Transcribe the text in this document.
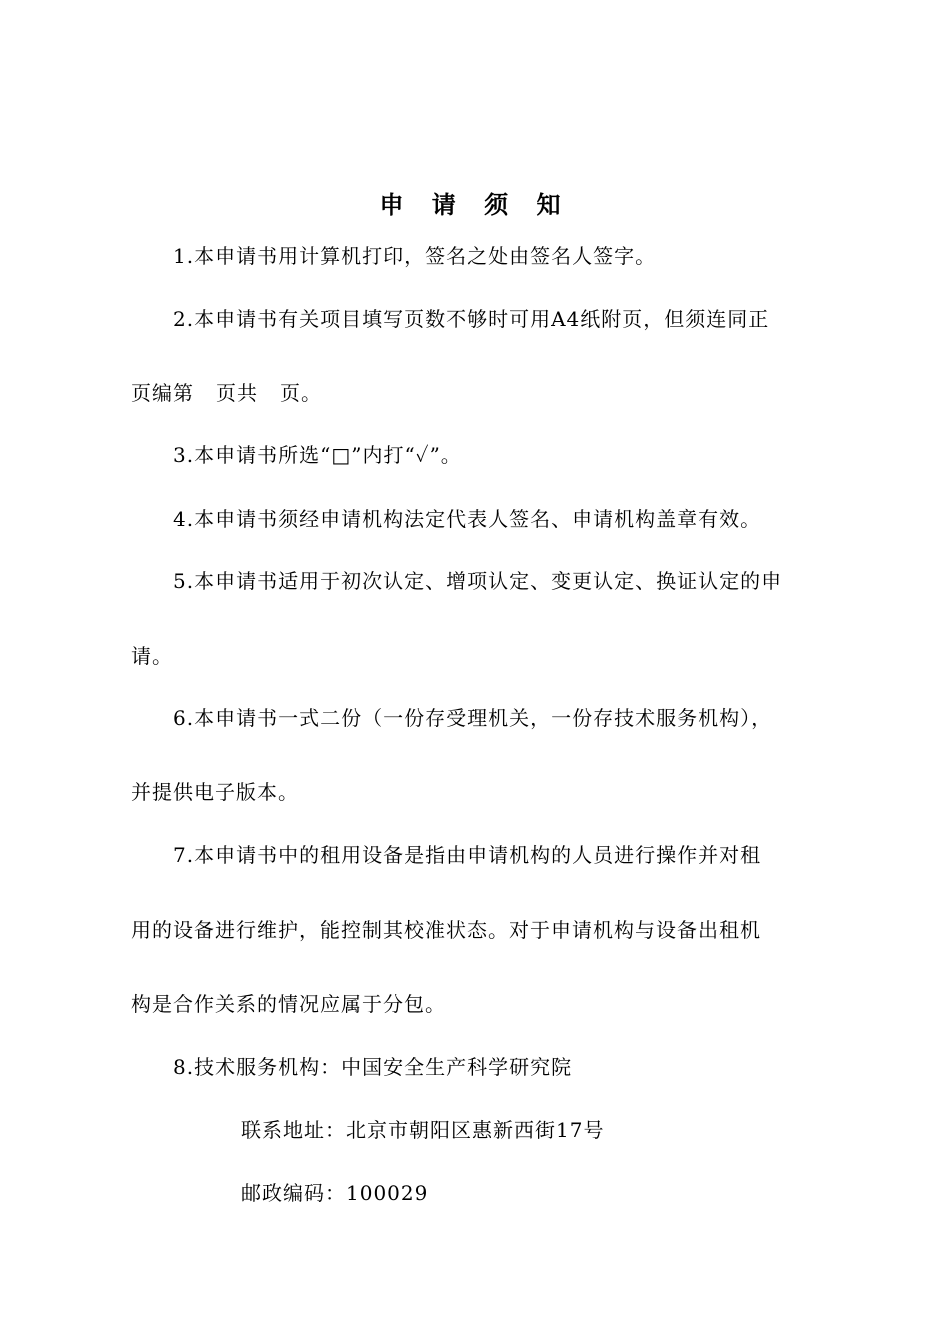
申 请 须 知
1.本申请书用计算机打印，签名之处由签名人签字。
2.本申请书有关项目填写页数不够时可用A4纸附页，但须连同正
页编第 页共 页。
3.本申请书所选“□”内打“✓”。
4.本申请书须经申请机构法定代表人签名、申请机构盖章有效。
5.本申请书适用于初次认定、增项认定、变更认定、换证认定的申
请。
6.本申请书一式二份（一份存受理机关，一份存技术服务机构），
并提供电子版本。
7.本申请书中的租用设备是指由申请机构的人员进行操作并对租
用的设备进行维护，能控制其校准状态。对于申请机构与设备出租机
构是合作关系的情况应属于分包。
8.技术服务机构：中国安全生产科学研究院
联系地址：北京市朝阳区惠新西街17号
邮政编码：100029
